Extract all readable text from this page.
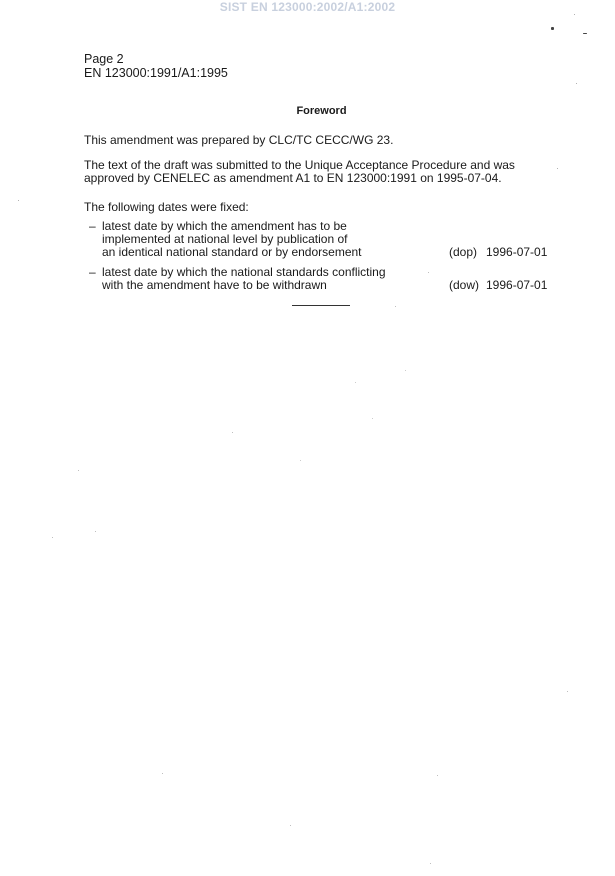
SIST EN 123000:2002/A1:2002
Page 2
EN 123000:1991/A1:1995
Foreword
This amendment was prepared by CLC/TC CECC/WG 23.
The text of the draft was submitted to the Unique Acceptance Procedure and was
approved by CENELEC as amendment A1 to EN 123000:1991 on 1995-07-04.
The following dates were fixed:
– latest date by which the amendment has to be
implemented at national level by publication of
an identical national standard or by endorsement	(dop) 1996-07-01
– latest date by which the national standards conflicting
with the amendment have to be withdrawn	(dow) 1996-07-01
